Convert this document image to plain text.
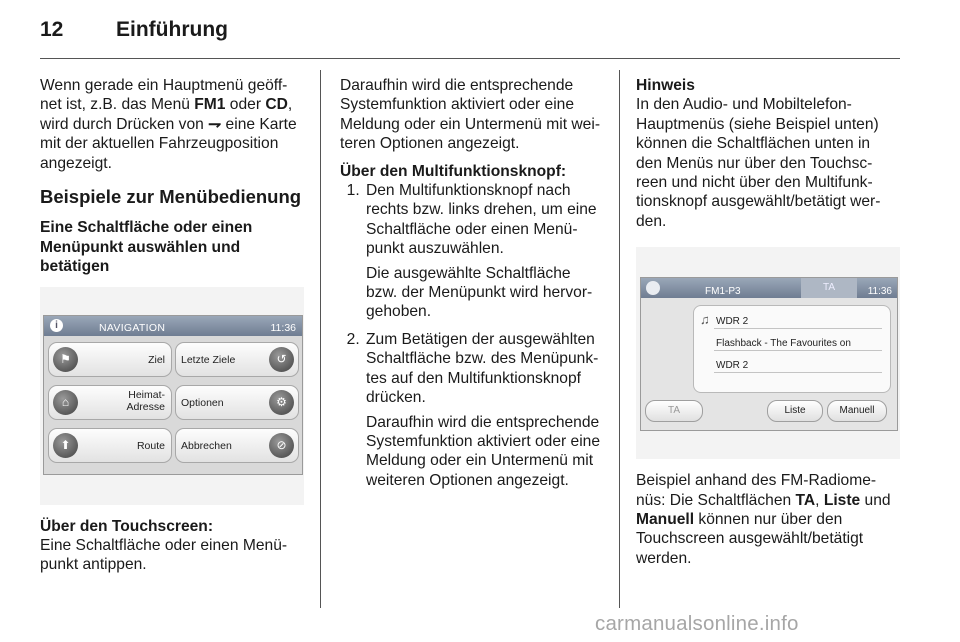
12	Einführung

Wenn gerade ein Hauptmenü geöff-
net ist, z.B. das Menü FM1 oder CD,
wird durch Drücken von ⇁ eine Karte
mit der aktuellen Fahrzeugposition
angezeigt.

Beispiele zur Menübedienung

Eine Schaltfläche oder einen
Menüpunkt auswählen und betätigen

i	NAVIGATION	11:36
⚑	Ziel Letzte Ziele	↺
⌂	Heimat-
Adresse Optionen	⚙
⬆	Route Abbrechen	⊘

Über den Touchscreen:

Eine Schaltfläche oder einen Menü-
punkt antippen.

Daraufhin wird die entsprechende
Systemfunktion aktiviert oder eine
Meldung oder ein Untermenü mit wei-
teren Optionen angezeigt.

Über den Multifunktionsknopf:

1. Den Multifunktionsknopf nach
rechts bzw. links drehen, um eine
Schaltfläche oder einen Menü-
punkt auszuwählen.

Die ausgewählte Schaltfläche
bzw. der Menüpunkt wird hervor-
gehoben.

2. Zum Betätigen der ausgewählten
Schaltfläche bzw. des Menüpunk-
tes auf den Multifunktionsknopf
drücken.

Daraufhin wird die entsprechende
Systemfunktion aktiviert oder eine
Meldung oder ein Untermenü mit
weiteren Optionen angezeigt.

Hinweis

In den Audio- und Mobiltelefon-
Hauptmenüs (siehe Beispiel unten)
können die Schaltflächen unten in
den Menüs nur über den Touchsc-
reen und nicht über den Multifunk-
tionsknopf ausgewählt/betätigt wer-
den.

FM1-P3	TA	11:36
♫ WDR 2
Flashback - The Favourites on
WDR 2
TA	Liste	Manuell

Beispiel anhand des FM-Radiome-
nüs: Die Schaltflächen TA, Liste und
Manuell können nur über den
Touchscreen ausgewählt/betätigt
werden.

carmanualsonline.info
